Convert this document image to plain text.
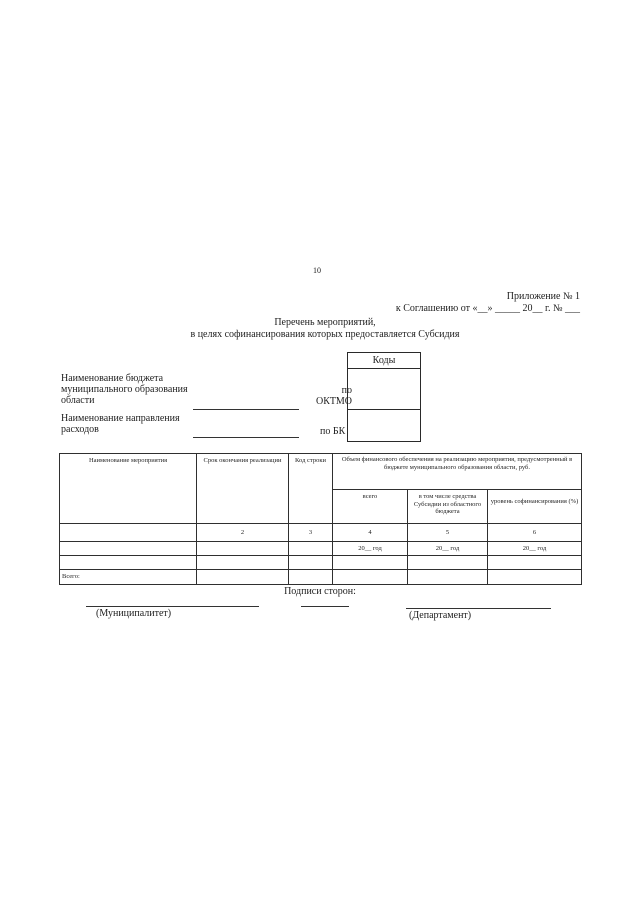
10
Приложение № 1
к Соглашению от «__» _____ 20__ г. № ___
Перечень мероприятий,
в целях софинансирования которых предоставляется Субсидия
Коды
Наименование бюджета
муниципального образования
области
по
ОКТМО
Наименование направления
расходов	по БК
Наименование мероприятия	Срок окончания реализации	Код строки	Объем финансового обеспечения на реализацию мероприятия, предусмотренный в бюджете муниципального образования области, руб.		
			всего	в том числе средства Субсидии из областного бюджета	уровень софинансирования (%)
	2	3	4	5	6
			20__ год	20__ год	20__ год

Всего:					
Подписи сторон:
(Муниципалитет)	(Департамент)
